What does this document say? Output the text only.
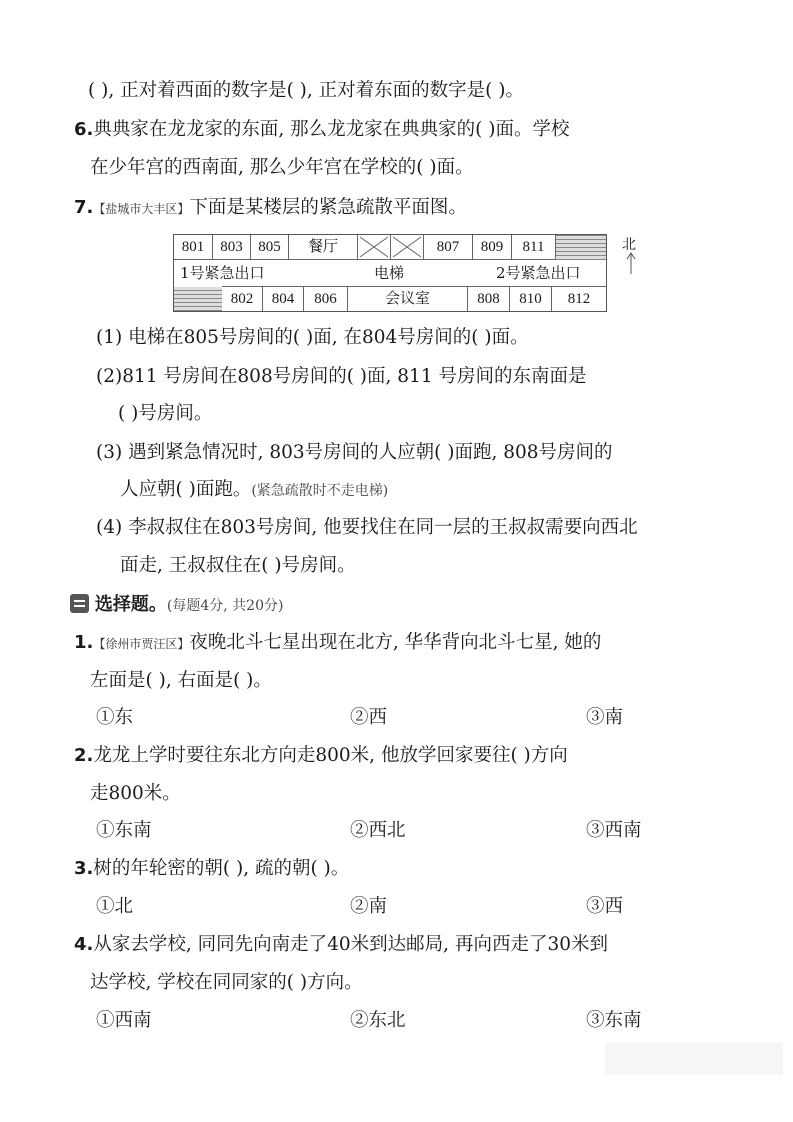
( ), 正对着西面的数字是( ), 正对着东面的数字是( )。
6.典典家在龙龙家的东面, 那么龙龙家在典典家的( )面。学校
在少年宫的西南面, 那么少年宫在学校的( )面。
7.【盐城市大丰区】下面是某楼层的紧急疏散平面图。
801	803	805	餐厅	807	809	811
1号紧急出口	电梯	2号紧急出口
802	804	806	会议室	808	810	812
北
(1) 电梯在805号房间的( )面, 在804号房间的( )面。
(2)811 号房间在808号房间的( )面, 811 号房间的东南面是
( )号房间。
(3) 遇到紧急情况时, 803号房间的人应朝( )面跑, 808号房间的
人应朝( )面跑。(紧急疏散时不走电梯)
(4) 李叔叔住在803号房间, 他要找住在同一层的王叔叔需要向西北
面走, 王叔叔住在( )号房间。
选择题。(每题4分, 共20分)
1.【徐州市贾汪区】夜晚北斗七星出现在北方, 华华背向北斗七星, 她的
左面是( ), 右面是( )。
①东	②西	③南
2.龙龙上学时要往东北方向走800米, 他放学回家要往( )方向
走800米。
①东南	②西北	③西南
3.树的年轮密的朝( ), 疏的朝( )。
①北	②南	③西
4.从家去学校, 同同先向南走了40米到达邮局, 再向西走了30米到
达学校, 学校在同同家的( )方向。
①西南	②东北	③东南
